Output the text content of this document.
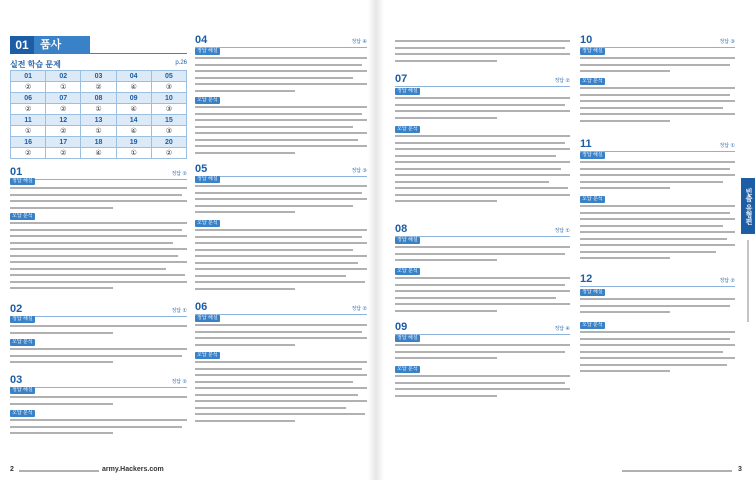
01	품사
실전 학습 문제	p.26
01	02	03	04	05
②	①	②	④	③
06	07	08	09	10
②	②	①	④	③
11	12	13	14	15
①	②	①	④	③
16	17	18	19	20
②	②	④	①	②
01	정답 ②
정답 해설
오답 분석
02	정답 ①
정답 해설
오답 분석
03	정답 ②
정답 해설
오답 분석
04	정답 ④
정답 해설
오답 분석
05	정답 ③
정답 해설
오답 분석
06	정답 ②
정답 해설
오답 분석
07	정답 ②
정답 해설
오답 분석
08	정답 ①
정답 해설
오답 분석
09	정답 ④
정답 해설
오답 분석
10	정답 ③
정답 해설
오답 분석
11	정답 ①
정답 해설
오답 분석
12	정답 ②
정답 해설
오답 분석
빈출 유형편
2	army.Hackers.com	3
